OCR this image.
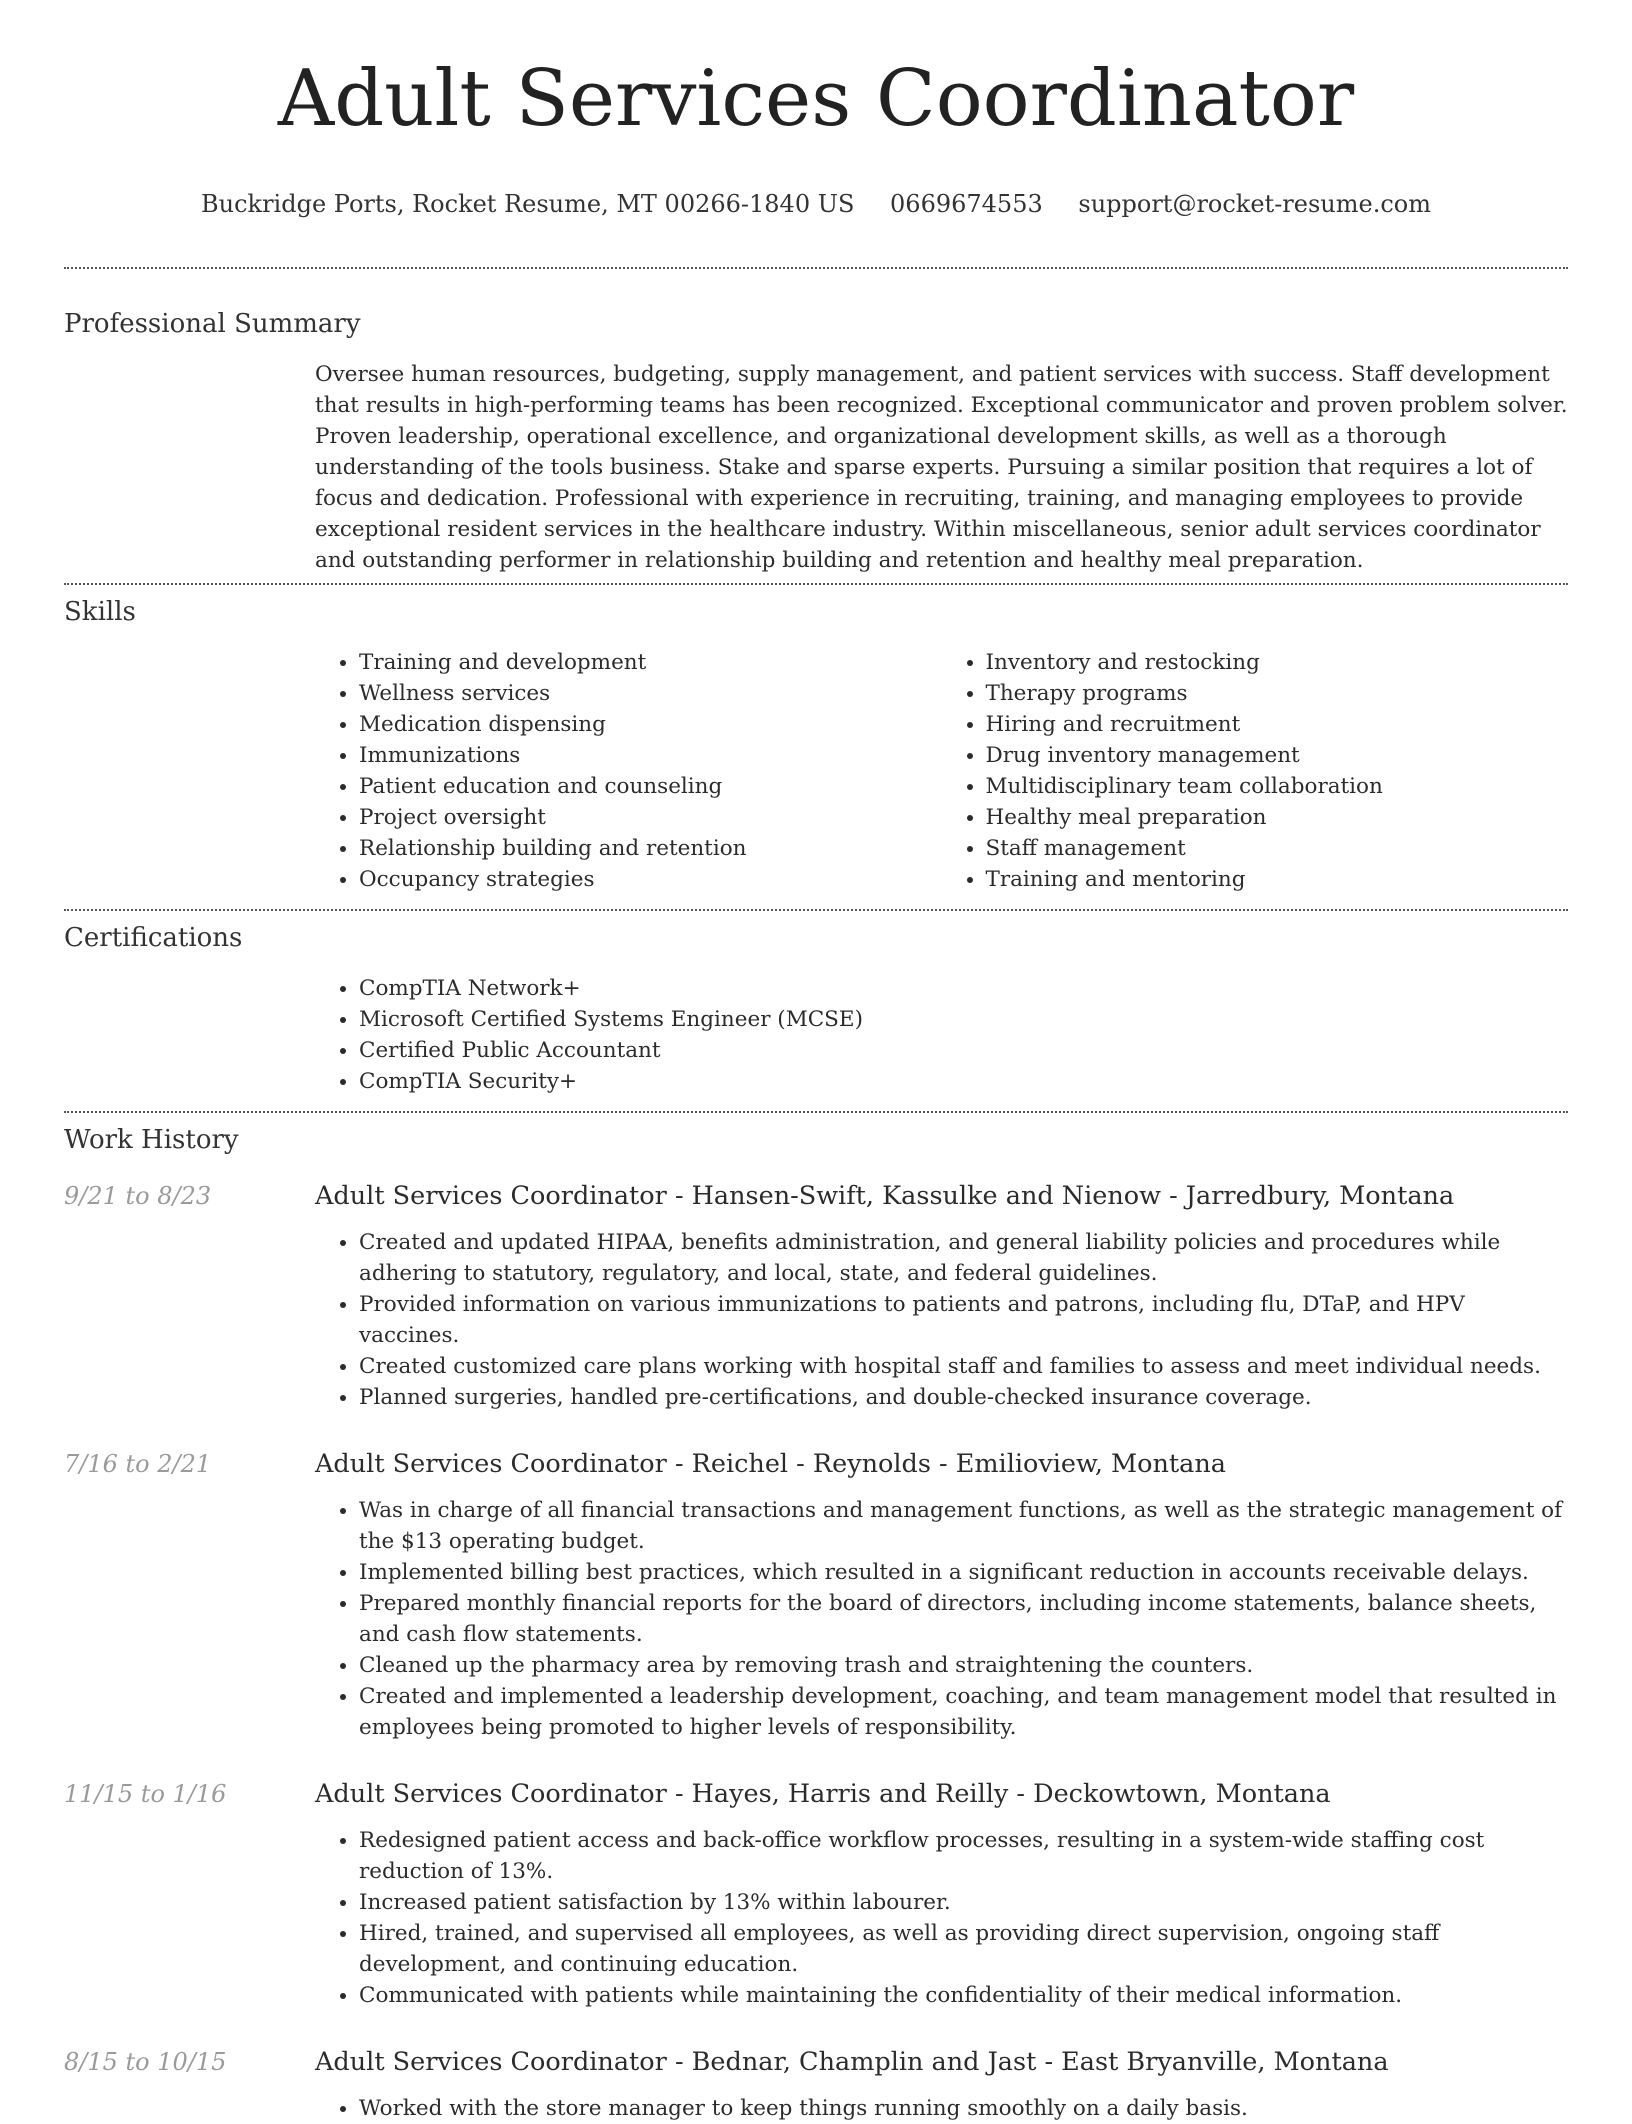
Adult Services Coordinator
Buckridge Ports, Rocket Resume, MT 00266-1840 US 0669674553 support@rocket-resume.com
Professional Summary

Oversee human resources, budgeting, supply management, and patient services with success. Staff development that results in high-performing teams has been recognized. Exceptional communicator and proven problem solver. Proven leadership, operational excellence, and organizational development skills, as well as a thorough understanding of the tools business. Stake and sparse experts. Pursuing a similar position that requires a lot of focus and dedication. Professional with experience in recruiting, training, and managing employees to provide exceptional resident services in the healthcare industry. Within miscellaneous, senior adult services coordinator and outstanding performer in relationship building and retention and healthy meal preparation.

Skills
• Training and development
• Wellness services
• Medication dispensing
• Immunizations
• Patient education and counseling
• Project oversight
• Relationship building and retention
• Occupancy strategies
• Inventory and restocking
• Therapy programs
• Hiring and recruitment
• Drug inventory management
• Multidisciplinary team collaboration
• Healthy meal preparation
• Staff management
• Training and mentoring
Certifications
• CompTIA Network+
• Microsoft Certified Systems Engineer (MCSE)
• Certified Public Accountant
• CompTIA Security+
Work History
9/21 to 8/23	Adult Services Coordinator - Hansen-Swift, Kassulke and Nienow - Jarredbury, Montana

• Created and updated HIPAA, benefits administration, and general liability policies and procedures while adhering to statutory, regulatory, and local, state, and federal guidelines.
• Provided information on various immunizations to patients and patrons, including flu, DTaP, and HPV vaccines.
• Created customized care plans working with hospital staff and families to assess and meet individual needs.
• Planned surgeries, handled pre-certifications, and double-checked insurance coverage.
7/16 to 2/21	Adult Services Coordinator - Reichel - Reynolds - Emilioview, Montana

• Was in charge of all financial transactions and management functions, as well as the strategic management of the $13 operating budget.
• Implemented billing best practices, which resulted in a significant reduction in accounts receivable delays.
• Prepared monthly financial reports for the board of directors, including income statements, balance sheets, and cash flow statements.
• Cleaned up the pharmacy area by removing trash and straightening the counters.
• Created and implemented a leadership development, coaching, and team management model that resulted in employees being promoted to higher levels of responsibility.
11/15 to 1/16	Adult Services Coordinator - Hayes, Harris and Reilly - Deckowtown, Montana

• Redesigned patient access and back-office workflow processes, resulting in a system-wide staffing cost reduction of 13%.
• Increased patient satisfaction by 13% within labourer.
• Hired, trained, and supervised all employees, as well as providing direct supervision, ongoing staff development, and continuing education.
• Communicated with patients while maintaining the confidentiality of their medical information.
8/15 to 10/15	Adult Services Coordinator - Bednar, Champlin and Jast - East Bryanville, Montana

• Worked with the store manager to keep things running smoothly on a daily basis.
